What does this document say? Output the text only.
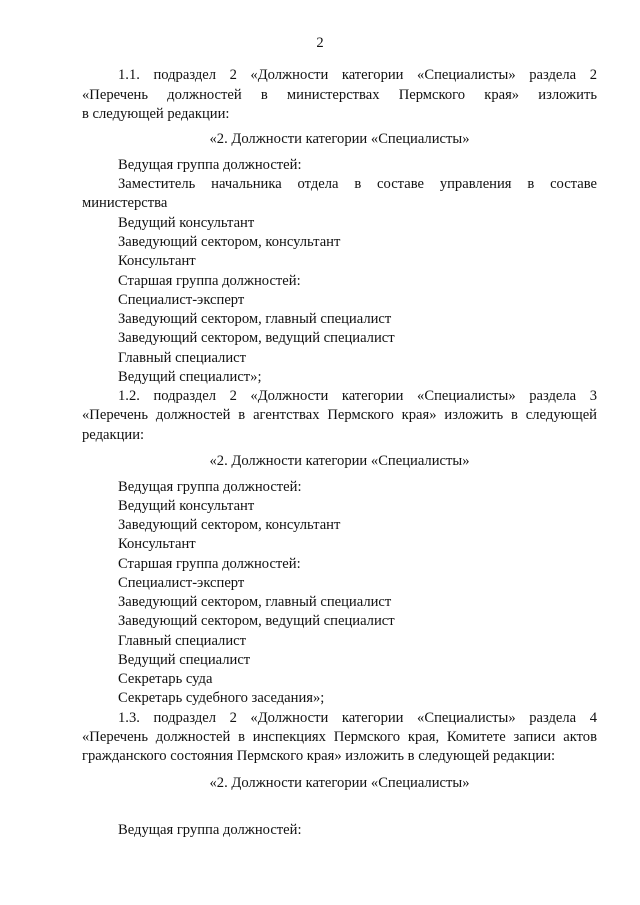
2
1.1. подраздел 2 «Должности категории «Специалисты» раздела 2
«Перечень должностей в министерствах Пермского края» изложить
в следующей редакции:
«2. Должности категории «Специалисты»
Ведущая группа должностей:
Заместитель начальника отдела в составе управления в составе
министерства
Ведущий консультант
Заведующий сектором, консультант
Консультант
Старшая группа должностей:
Специалист-эксперт
Заведующий сектором, главный специалист
Заведующий сектором, ведущий специалист
Главный специалист
Ведущий специалист»;
1.2. подраздел 2 «Должности категории «Специалисты» раздела 3
«Перечень должностей в агентствах Пермского края» изложить в следующей
редакции:
«2. Должности категории «Специалисты»
Ведущая группа должностей:
Ведущий консультант
Заведующий сектором, консультант
Консультант
Старшая группа должностей:
Специалист-эксперт
Заведующий сектором, главный специалист
Заведующий сектором, ведущий специалист
Главный специалист
Ведущий специалист
Секретарь суда
Секретарь судебного заседания»;
1.3. подраздел 2 «Должности категории «Специалисты» раздела 4
«Перечень должностей в инспекциях Пермского края, Комитете записи актов
гражданского состояния Пермского края» изложить в следующей редакции:
«2. Должности категории «Специалисты»
Ведущая группа должностей:
